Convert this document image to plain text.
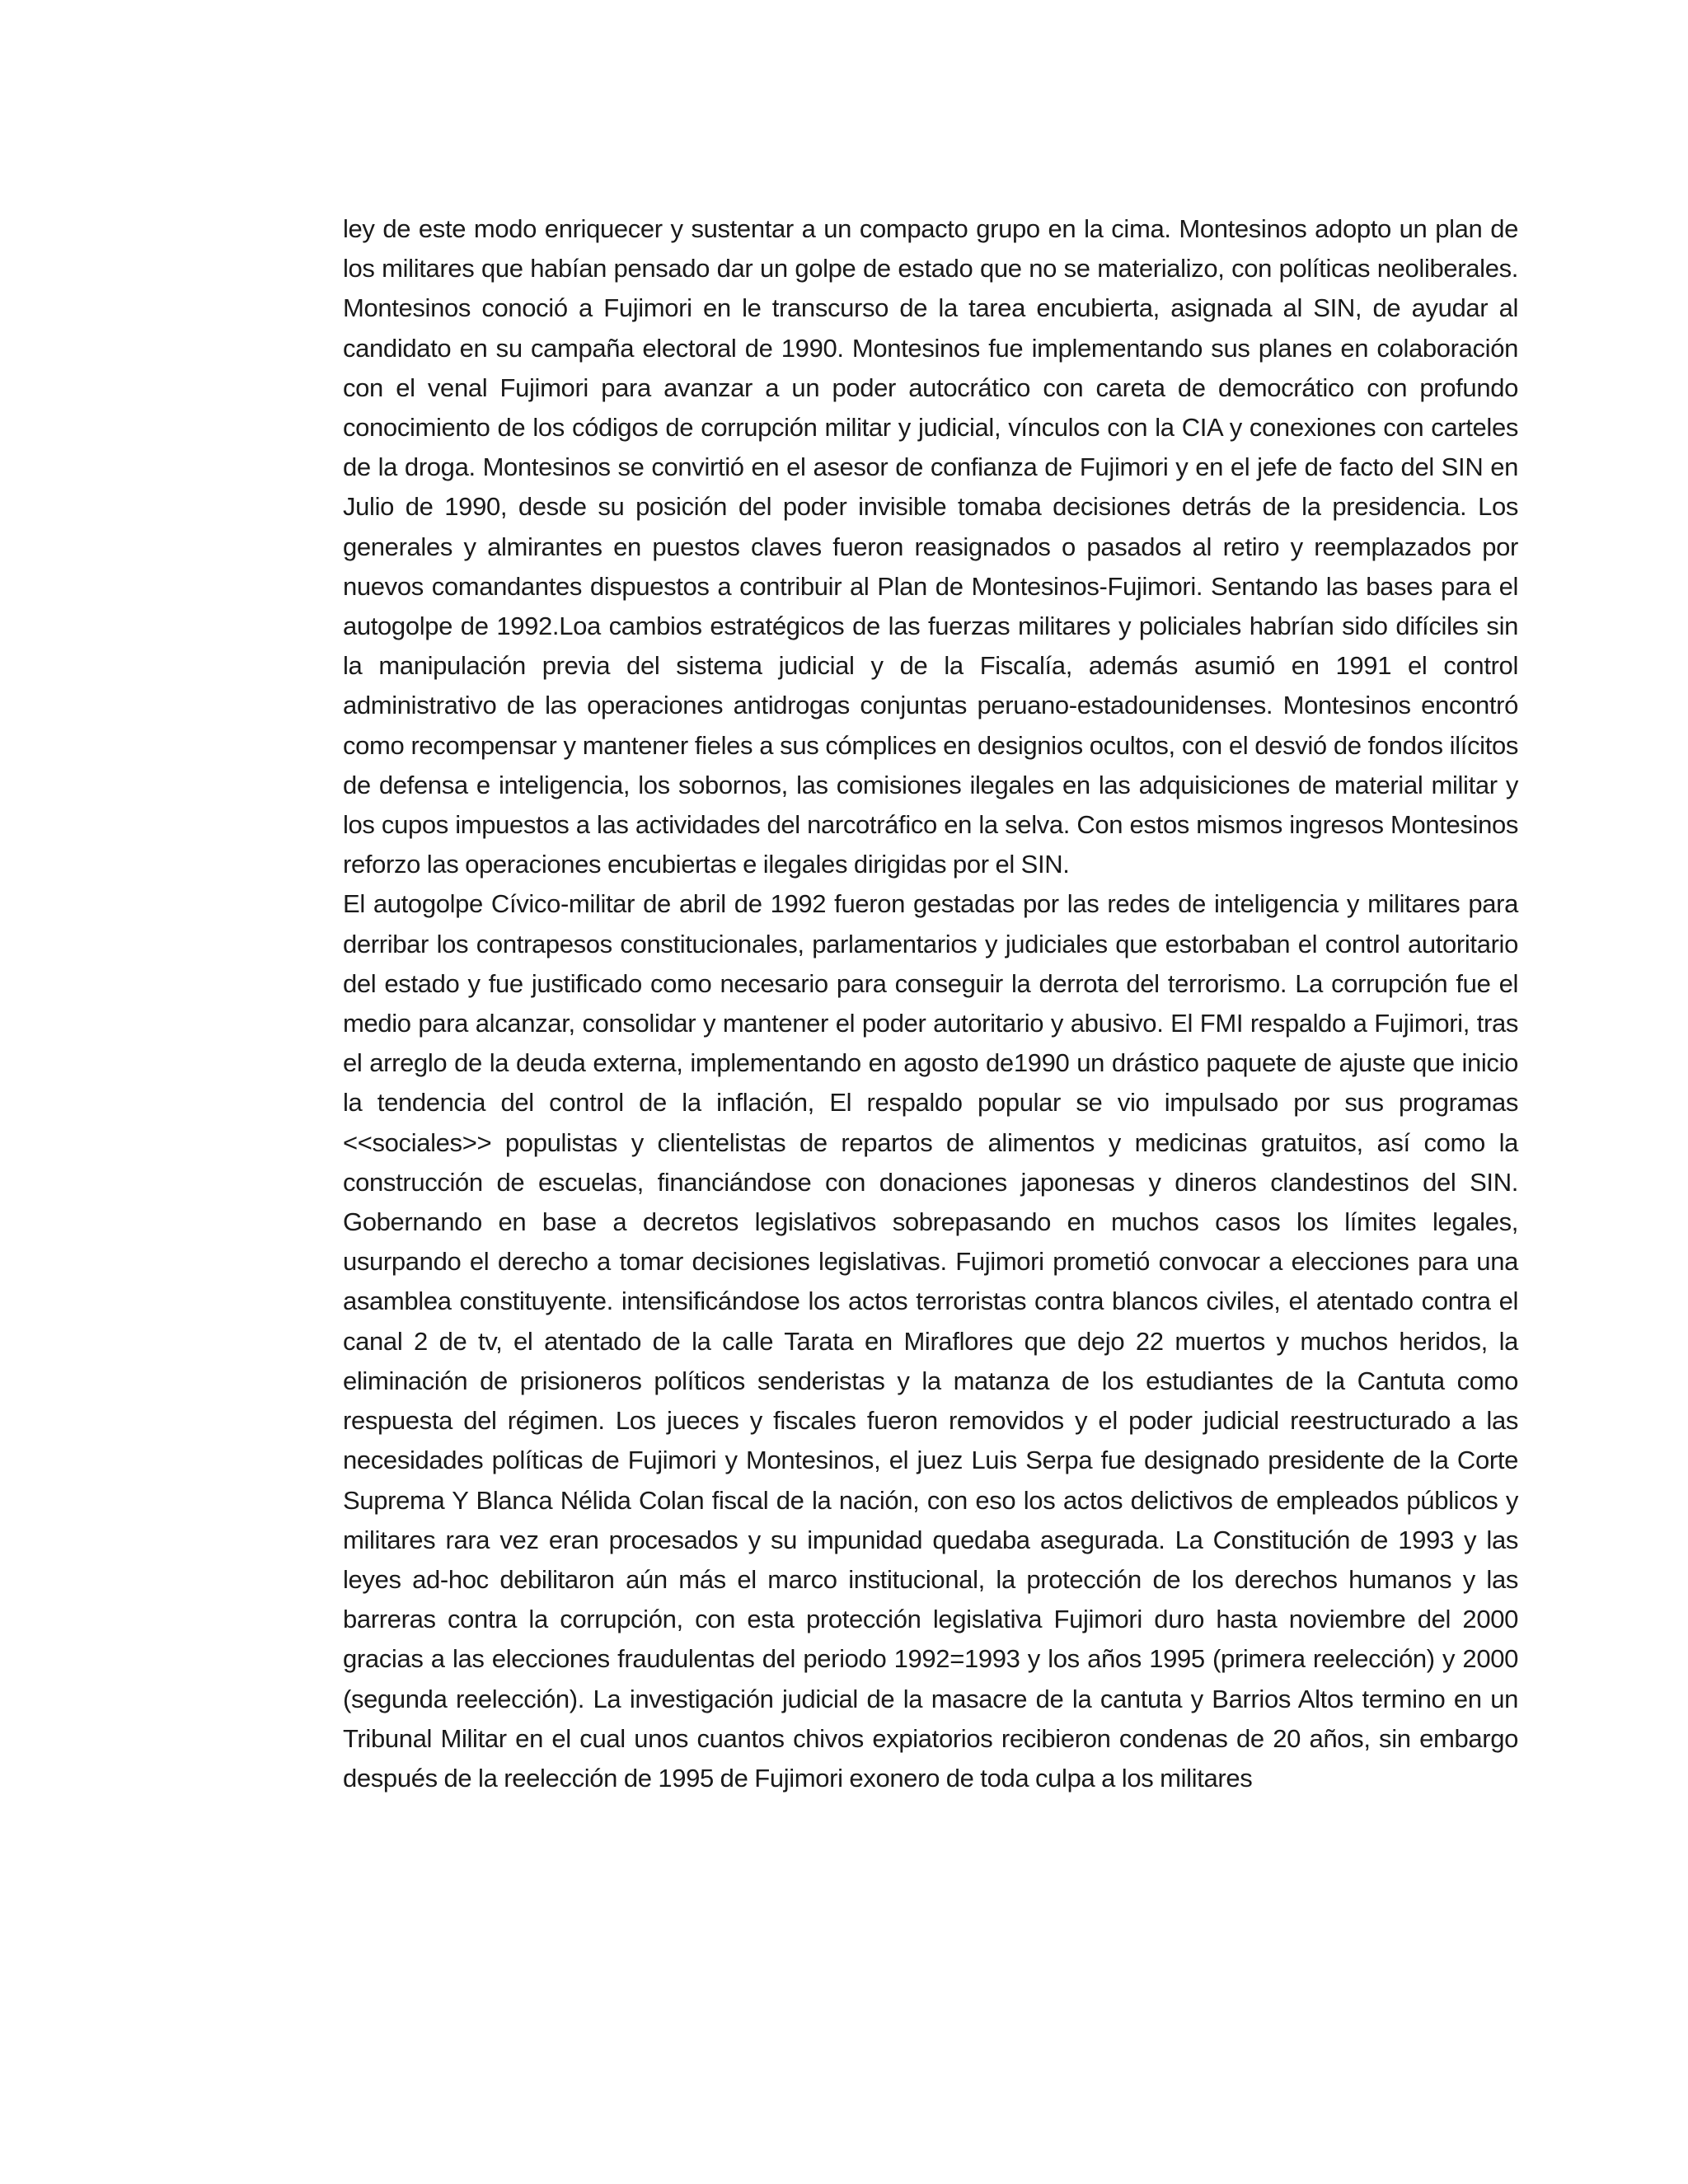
ley de este modo enriquecer y sustentar a un compacto grupo en la cima. Montesinos adopto un plan de los militares que habían pensado dar un golpe de estado que no se materializo, con políticas neoliberales. Montesinos conoció a Fujimori en le transcurso de la tarea encubierta, asignada al SIN, de ayudar al candidato en su campaña electoral de 1990. Montesinos fue implementando sus planes en colaboración con el venal Fujimori para avanzar a un poder autocrático con careta de democrático con profundo conocimiento de los códigos de corrupción militar y judicial, vínculos con la CIA y conexiones con carteles de la droga. Montesinos se convirtió en el asesor de confianza de Fujimori y en el jefe de facto del SIN en Julio de 1990, desde su posición del poder invisible tomaba decisiones detrás de la presidencia. Los generales y almirantes en puestos claves fueron reasignados o pasados al retiro y reemplazados por nuevos comandantes dispuestos a contribuir al Plan de Montesinos-Fujimori. Sentando las bases para el autogolpe de 1992.Loa cambios estratégicos de las fuerzas militares y policiales habrían sido difíciles sin la manipulación previa del sistema judicial y de la Fiscalía, además asumió en 1991 el control administrativo de las operaciones antidrogas conjuntas peruano-estadounidenses. Montesinos encontró como recompensar y mantener fieles a sus cómplices en designios ocultos, con el desvió de fondos ilícitos de defensa e inteligencia, los sobornos, las comisiones ilegales en las adquisiciones de material militar y los cupos impuestos a las actividades del narcotráfico en la selva. Con estos mismos ingresos Montesinos reforzo las operaciones encubiertas e ilegales dirigidas por el SIN.

El autogolpe Cívico-militar de abril de 1992 fueron gestadas por las redes de inteligencia y militares para derribar los contrapesos constitucionales, parlamentarios y judiciales que estorbaban el control autoritario del estado y fue justificado como necesario para conseguir la derrota del terrorismo. La corrupción fue el medio para alcanzar, consolidar y mantener el poder autoritario y abusivo. El FMI respaldo a Fujimori, tras el arreglo de la deuda externa, implementando en agosto de1990 un drástico paquete de ajuste que inicio la tendencia del control de la inflación, El respaldo popular se vio impulsado por sus programas <<sociales>> populistas y clientelistas de repartos de alimentos y medicinas gratuitos, así como la construcción de escuelas, financiándose con donaciones japonesas y dineros clandestinos del SIN. Gobernando en base a decretos legislativos sobrepasando en muchos casos los límites legales, usurpando el derecho a tomar decisiones legislativas. Fujimori prometió convocar a elecciones para una asamblea constituyente. intensificándose los actos terroristas contra blancos civiles, el atentado contra el canal 2 de tv, el atentado de la calle Tarata en Miraflores que dejo 22 muertos y muchos heridos, la eliminación de prisioneros políticos senderistas y la matanza de los estudiantes de la Cantuta como respuesta del régimen. Los jueces y fiscales fueron removidos y el poder judicial reestructurado a las necesidades políticas de Fujimori y Montesinos, el juez Luis Serpa fue designado presidente de la Corte Suprema Y Blanca Nélida Colan fiscal de la nación, con eso los actos delictivos de empleados públicos y militares rara vez eran procesados y su impunidad quedaba asegurada. La Constitución de 1993 y las leyes ad-hoc debilitaron aún más el marco institucional, la protección de los derechos humanos y las barreras contra la corrupción, con esta protección legislativa Fujimori duro hasta noviembre del 2000 gracias a las elecciones fraudulentas del periodo 1992=1993 y los años 1995 (primera reelección) y 2000 (segunda reelección). La investigación judicial de la masacre de la cantuta y Barrios Altos termino en un Tribunal Militar en el cual unos cuantos chivos expiatorios recibieron condenas de 20 años, sin embargo después de la reelección de 1995 de Fujimori exonero de toda culpa a los militares
